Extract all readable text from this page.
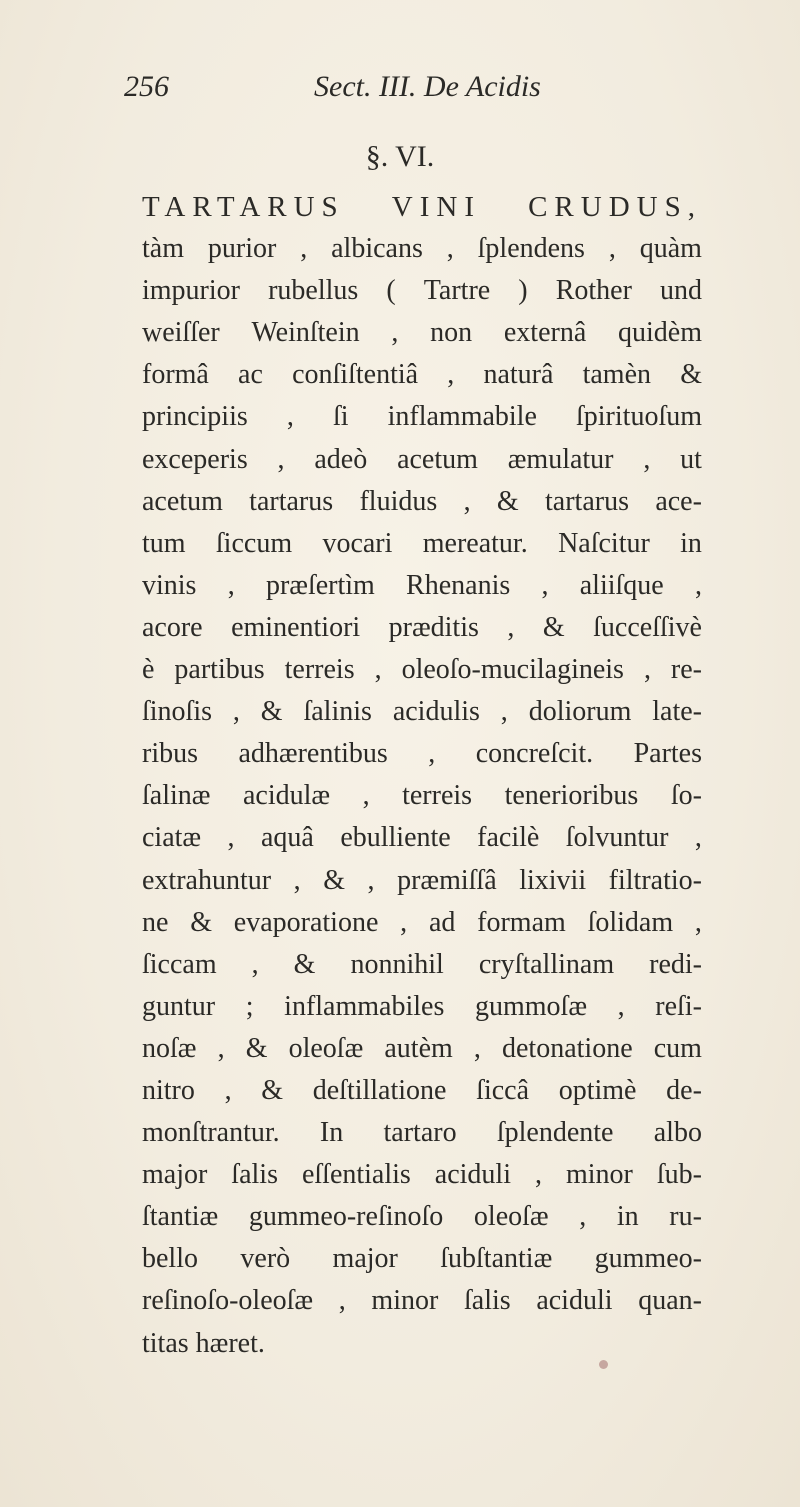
256	Sect. III. De Acidis
§. VI.
TARTARUS VINI CRUDUS,
tàm purior , albicans , ſplendens , quàm
impurior rubellus ( Tartre ) Rother und
weiſſer Weinſtein , non externâ quidèm
formâ ac conſiſtentiâ , naturâ tamèn &
principiis , ſi inflammabile ſpirituoſum
exceperis , adeò acetum æmulatur , ut
acetum tartarus fluidus , & tartarus ace-
tum ſiccum vocari mereatur. Naſcitur in
vinis , præſertìm Rhenanis , aliiſque ,
acore eminentiori præditis , & ſucceſſivè
è partibus terreis , oleoſo-mucilagineis , re-
ſinoſis , & ſalinis acidulis , doliorum late-
ribus adhærentibus , concreſcit. Partes
ſalinæ acidulæ , terreis tenerioribus ſo-
ciatæ , aquâ ebulliente facilè ſolvuntur ,
extrahuntur , & , præmiſſâ lixivii filtratio-
ne & evaporatione , ad formam ſolidam ,
ſiccam , & nonnihil cryſtallinam redi-
guntur ; inflammabiles gummoſæ , reſi-
noſæ , & oleoſæ autèm , detonatione cum
nitro , & deſtillatione ſiccâ optimè de-
monſtrantur. In tartaro ſplendente albo
major ſalis eſſentialis aciduli , minor ſub-
ſtantiæ gummeo-reſinoſo oleoſæ , in ru-
bello verò major ſubſtantiæ gummeo-
reſinoſo-oleoſæ , minor ſalis aciduli quan-
titas
hæret.
